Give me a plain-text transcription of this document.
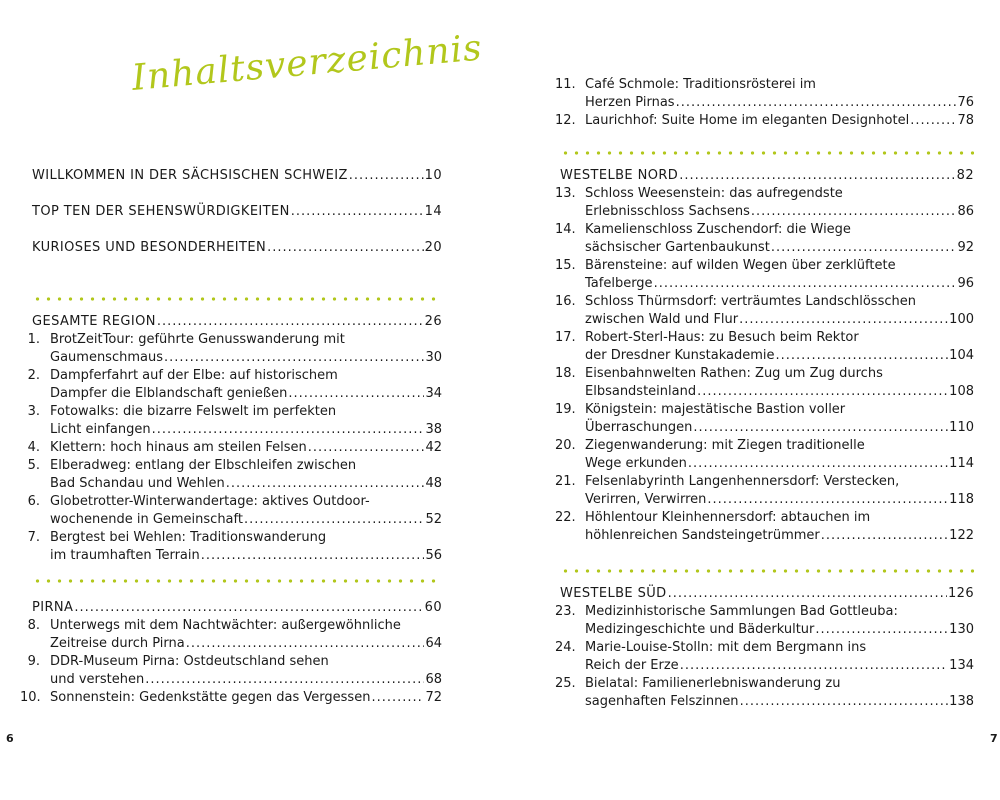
Inhaltsverzeichnis
6
WILLKOMMEN IN DER SÄCHSISCHEN SCHWEIZ .....	10
TOP TEN DER SEHENSWÜRDIGKEITEN .....	14
KURIOSES UND BESONDERHEITEN .....	20
GESAMTE REGION .....	26
1. BrotZeitTour: geführte Genusswanderung mit
Gaumenschmaus .....	30
2. Dampferfahrt auf der Elbe: auf historischem
Dampfer die Elblandschaft genießen .....	34
3. Fotowalks: die bizarre Felswelt im perfekten
Licht einfangen .....	38
4. Klettern: hoch hinaus am steilen Felsen .....	42
5. Elberadweg: entlang der Elbschleifen zwischen
Bad Schandau und Wehlen .....	48
6. Globetrotter-Winterwandertage: aktives Outdoor-
wochenende in Gemeinschaft .....	52
7. Bergtest bei Wehlen: Traditionswanderung
im traumhaften Terrain .....	56
PIRNA .....	60
8. Unterwegs mit dem Nachtwächter: außergewöhnliche
Zeitreise durch Pirna .....	64
9. DDR-Museum Pirna: Ostdeutschland sehen
und verstehen .....	68
10. Sonnenstein: Gedenkstätte gegen das Vergessen .....	72
7
11. Café Schmole: Traditionsrösterei im
Herzen Pirnas .....	76
12. Laurichhof: Suite Home im eleganten Designhotel .....	78
WESTELBE NORD .....	82
13. Schloss Weesenstein: das aufregendste
Erlebnisschloss Sachsens .....	86
14. Kamelienschloss Zuschendorf: die Wiege
sächsischer Gartenbaukunst .....	92
15. Bärensteine: auf wilden Wegen über zerklüftete
Tafelberge .....	96
16. Schloss Thürmsdorf: verträumtes Landschlösschen
zwischen Wald und Flur .....	100
17. Robert-Sterl-Haus: zu Besuch beim Rektor
der Dresdner Kunstakademie .....	104
18. Eisenbahnwelten Rathen: Zug um Zug durchs
Elbsandsteinland .....	108
19. Königstein: majestätische Bastion voller
Überraschungen .....	110
20. Ziegenwanderung: mit Ziegen traditionelle
Wege erkunden .....	114
21. Felsenlabyrinth Langenhennersdorf: Verstecken,
Verirren, Verwirren .....	118
22. Höhlentour Kleinhennersdorf: abtauchen im
höhlenreichen Sandsteingetrümmer .....	122
WESTELBE SÜD .....	126
23. Medizinhistorische Sammlungen Bad Gottleuba:
Medizingeschichte und Bäderkultur .....	130
24. Marie-Louise-Stolln: mit dem Bergmann ins
Reich der Erze .....	134
25. Bielatal: Familienerlebniswanderung zu
sagenhaften Felszinnen .....	138
